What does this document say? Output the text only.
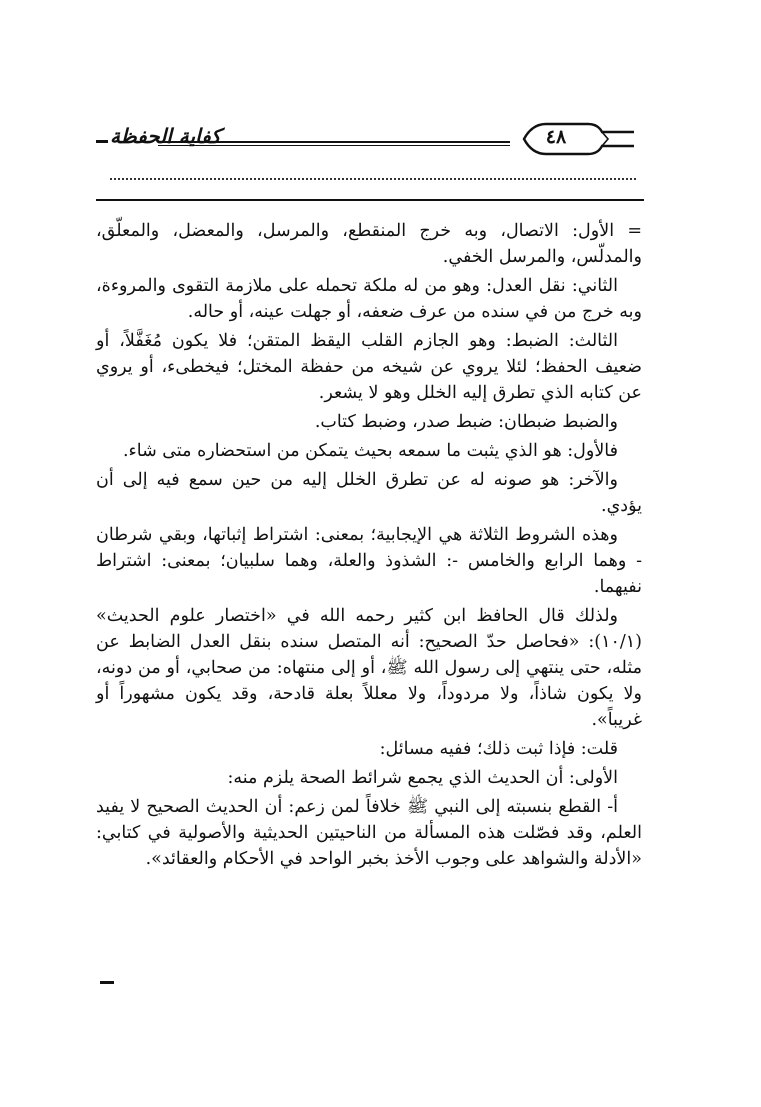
كفاية الحفظة	٤٨

= الأول: الاتصال، وبه خرج المنقطع، والمرسل، والمعضل، والمعلّق، والمدلّس، والمرسل الخفي.

الثاني: نقل العدل: وهو من له ملكة تحمله على ملازمة التقوى والمروءة، وبه خرج من في سنده من عرف ضعفه، أو جهلت عينه، أو حاله.

الثالث: الضبط: وهو الجازم القلب اليقظ المتقن؛ فلا يكون مُغَفَّلاً، أو ضعيف الحفظ؛ لئلا يروي عن شيخه من حفظة المختل؛ فيخطىء، أو يروي عن كتابه الذي تطرق إليه الخلل وهو لا يشعر.

والضبط ضبطان: ضبط صدر، وضبط كتاب.

فالأول: هو الذي يثبت ما سمعه بحيث يتمكن من استحضاره متى شاء.

والآخر: هو صونه له عن تطرق الخلل إليه من حين سمع فيه إلى أن يؤدي.

وهذه الشروط الثلاثة هي الإيجابية؛ بمعنى: اشتراط إثباتها، وبقي شرطان - وهما الرابع والخامس -: الشذوذ والعلة، وهما سلبيان؛ بمعنى: اشتراط نفيهما.

ولذلك قال الحافظ ابن كثير رحمه الله في «اختصار علوم الحديث» (١٠/١): «فحاصل حدّ الصحيح: أنه المتصل سنده بنقل العدل الضابط عن مثله، حتى ينتهي إلى رسول الله ﷺ، أو إلى منتهاه: من صحابي، أو من دونه، ولا يكون شاذاً، ولا مردوداً، ولا معللاً بعلة قادحة، وقد يكون مشهوراً أو غريباً».

قلت: فإذا ثبت ذلك؛ ففيه مسائل:

الأولى: أن الحديث الذي يجمع شرائط الصحة يلزم منه:

أ- القطع بنسبته إلى النبي ﷺ خلافاً لمن زعم: أن الحديث الصحيح لا يفيد العلم، وقد فصّلت هذه المسألة من الناحيتين الحديثية والأصولية في كتابي: «الأدلة والشواهد على وجوب الأخذ بخبر الواحد في الأحكام والعقائد».
